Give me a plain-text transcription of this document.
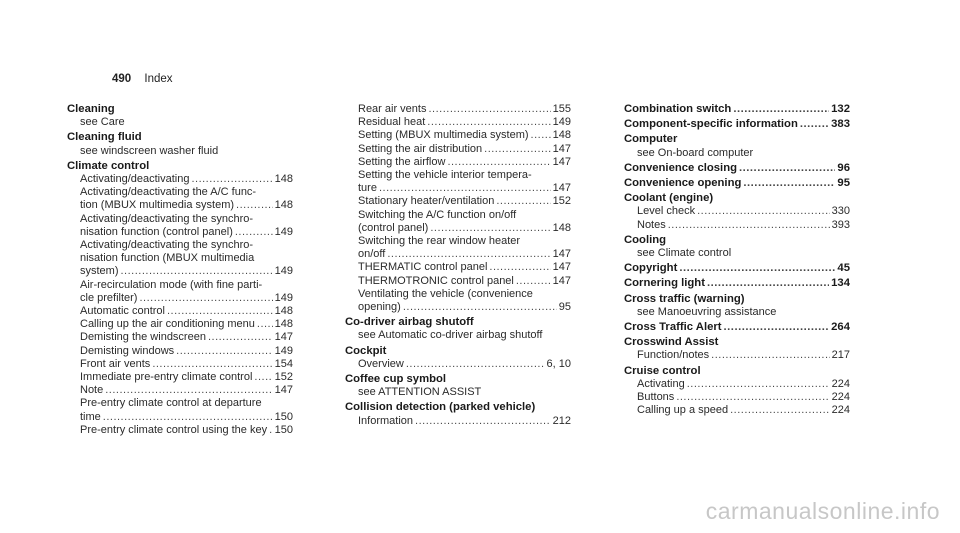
490 Index
Cleaning
see Care
Cleaning fluid
see windscreen washer fluid
Climate control
Activating/deactivating .....	148
Activating/deactivating the A/C func-
tion (MBUX multimedia system) .....	148
Activating/deactivating the synchro-
nisation function (control panel) .....	149
Activating/deactivating the synchro-
nisation function (MBUX multimedia
system) .....	149
Air-recirculation mode (with fine parti-
cle prefilter) .....	149
Automatic control .....	148
Calling up the air conditioning menu ..... 148
Demisting the windscreen .....	147
Demisting windows .....	149
Front air vents .....	154
Immediate pre-entry climate control ..... 152
Note .....	147
Pre-entry climate control at departure
time .....	150
Pre-entry climate control using the key ..... 150
Rear air vents .....	155
Residual heat .....	149
Setting (MBUX multimedia system) ..... 148
Setting the air distribution .....	147
Setting the airflow .....	147
Setting the vehicle interior tempera-
ture .....	147
Stationary heater/ventilation .....	152
Switching the A/C function on/off
(control panel) .....	148
Switching the rear window heater
on/off .....	147
THERMATIC control panel .....	147
THERMOTRONIC control panel .....	147
Ventilating the vehicle (convenience
opening) .....	95
Co-driver airbag shutoff
see Automatic co-driver airbag shutoff
Cockpit
Overview .....	6, 10
Coffee cup symbol
see ATTENTION ASSIST
Collision detection (parked vehicle)
Information .....	212
Combination switch .....	132
Component-specific information .....	383
Computer
see On-board computer
Convenience closing .....	96
Convenience opening .....	95
Coolant (engine)
Level check .....	330
Notes .....	393
Cooling
see Climate control
Copyright .....	45
Cornering light .....	134
Cross traffic (warning)
see Manoeuvring assistance
Cross Traffic Alert .....	264
Crosswind Assist
Function/notes .....	217
Cruise control
Activating .....	224
Buttons .....	224
Calling up a speed .....	224
carmanualsonline.info
